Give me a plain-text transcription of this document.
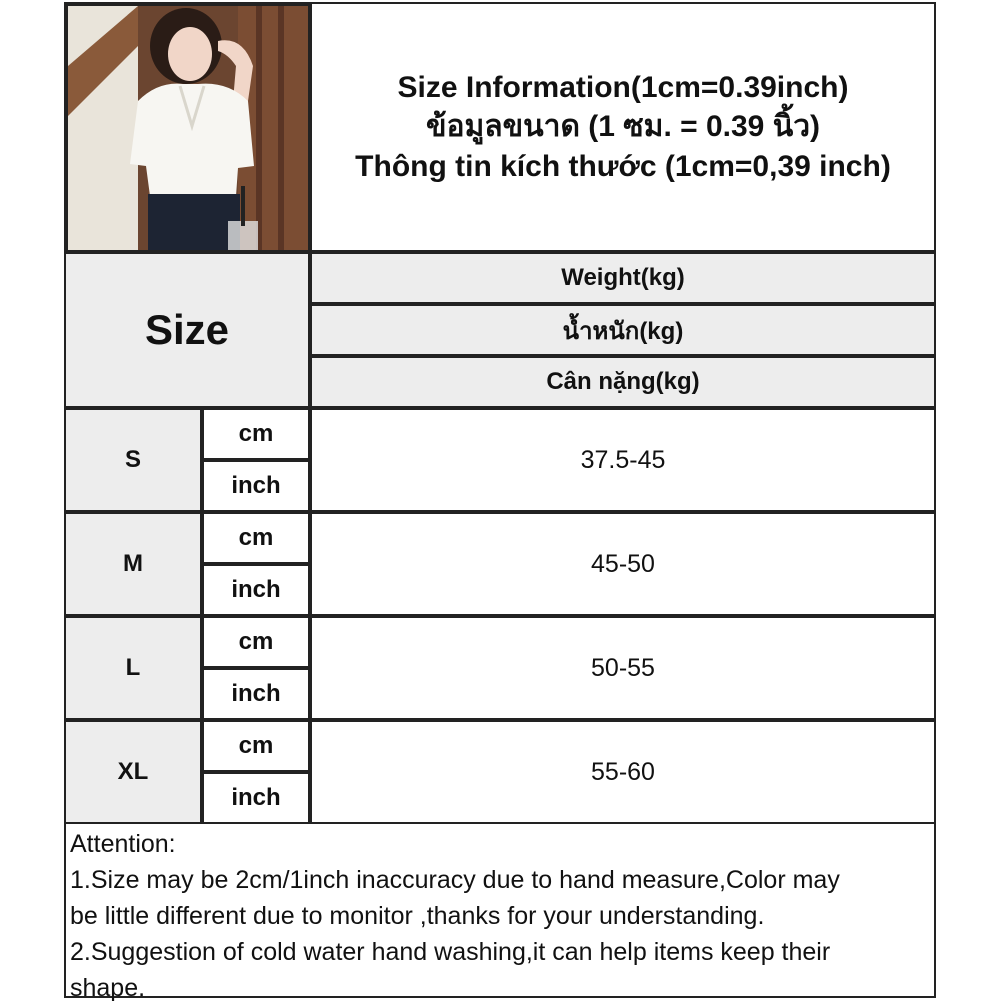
Size Information(1cm=0.39inch)
ข้อมูลขนาด (1 ซม. = 0.39 นิ้ว)
Thông tin kích thước (1cm=0,39 inch)
Size
Weight(kg)
น้ำหนัก(kg)
Cân nặng(kg)
S
cm
inch
37.5-45
M
cm
inch
45-50
L
cm
inch
50-55
XL
cm
inch
55-60

Attention:

1.Size may be 2cm/1inch inaccuracy due to hand measure,Color may

be little different due to monitor ,thanks for your understanding.

2.Suggestion of cold water hand washing,it can help items keep their

shape.
